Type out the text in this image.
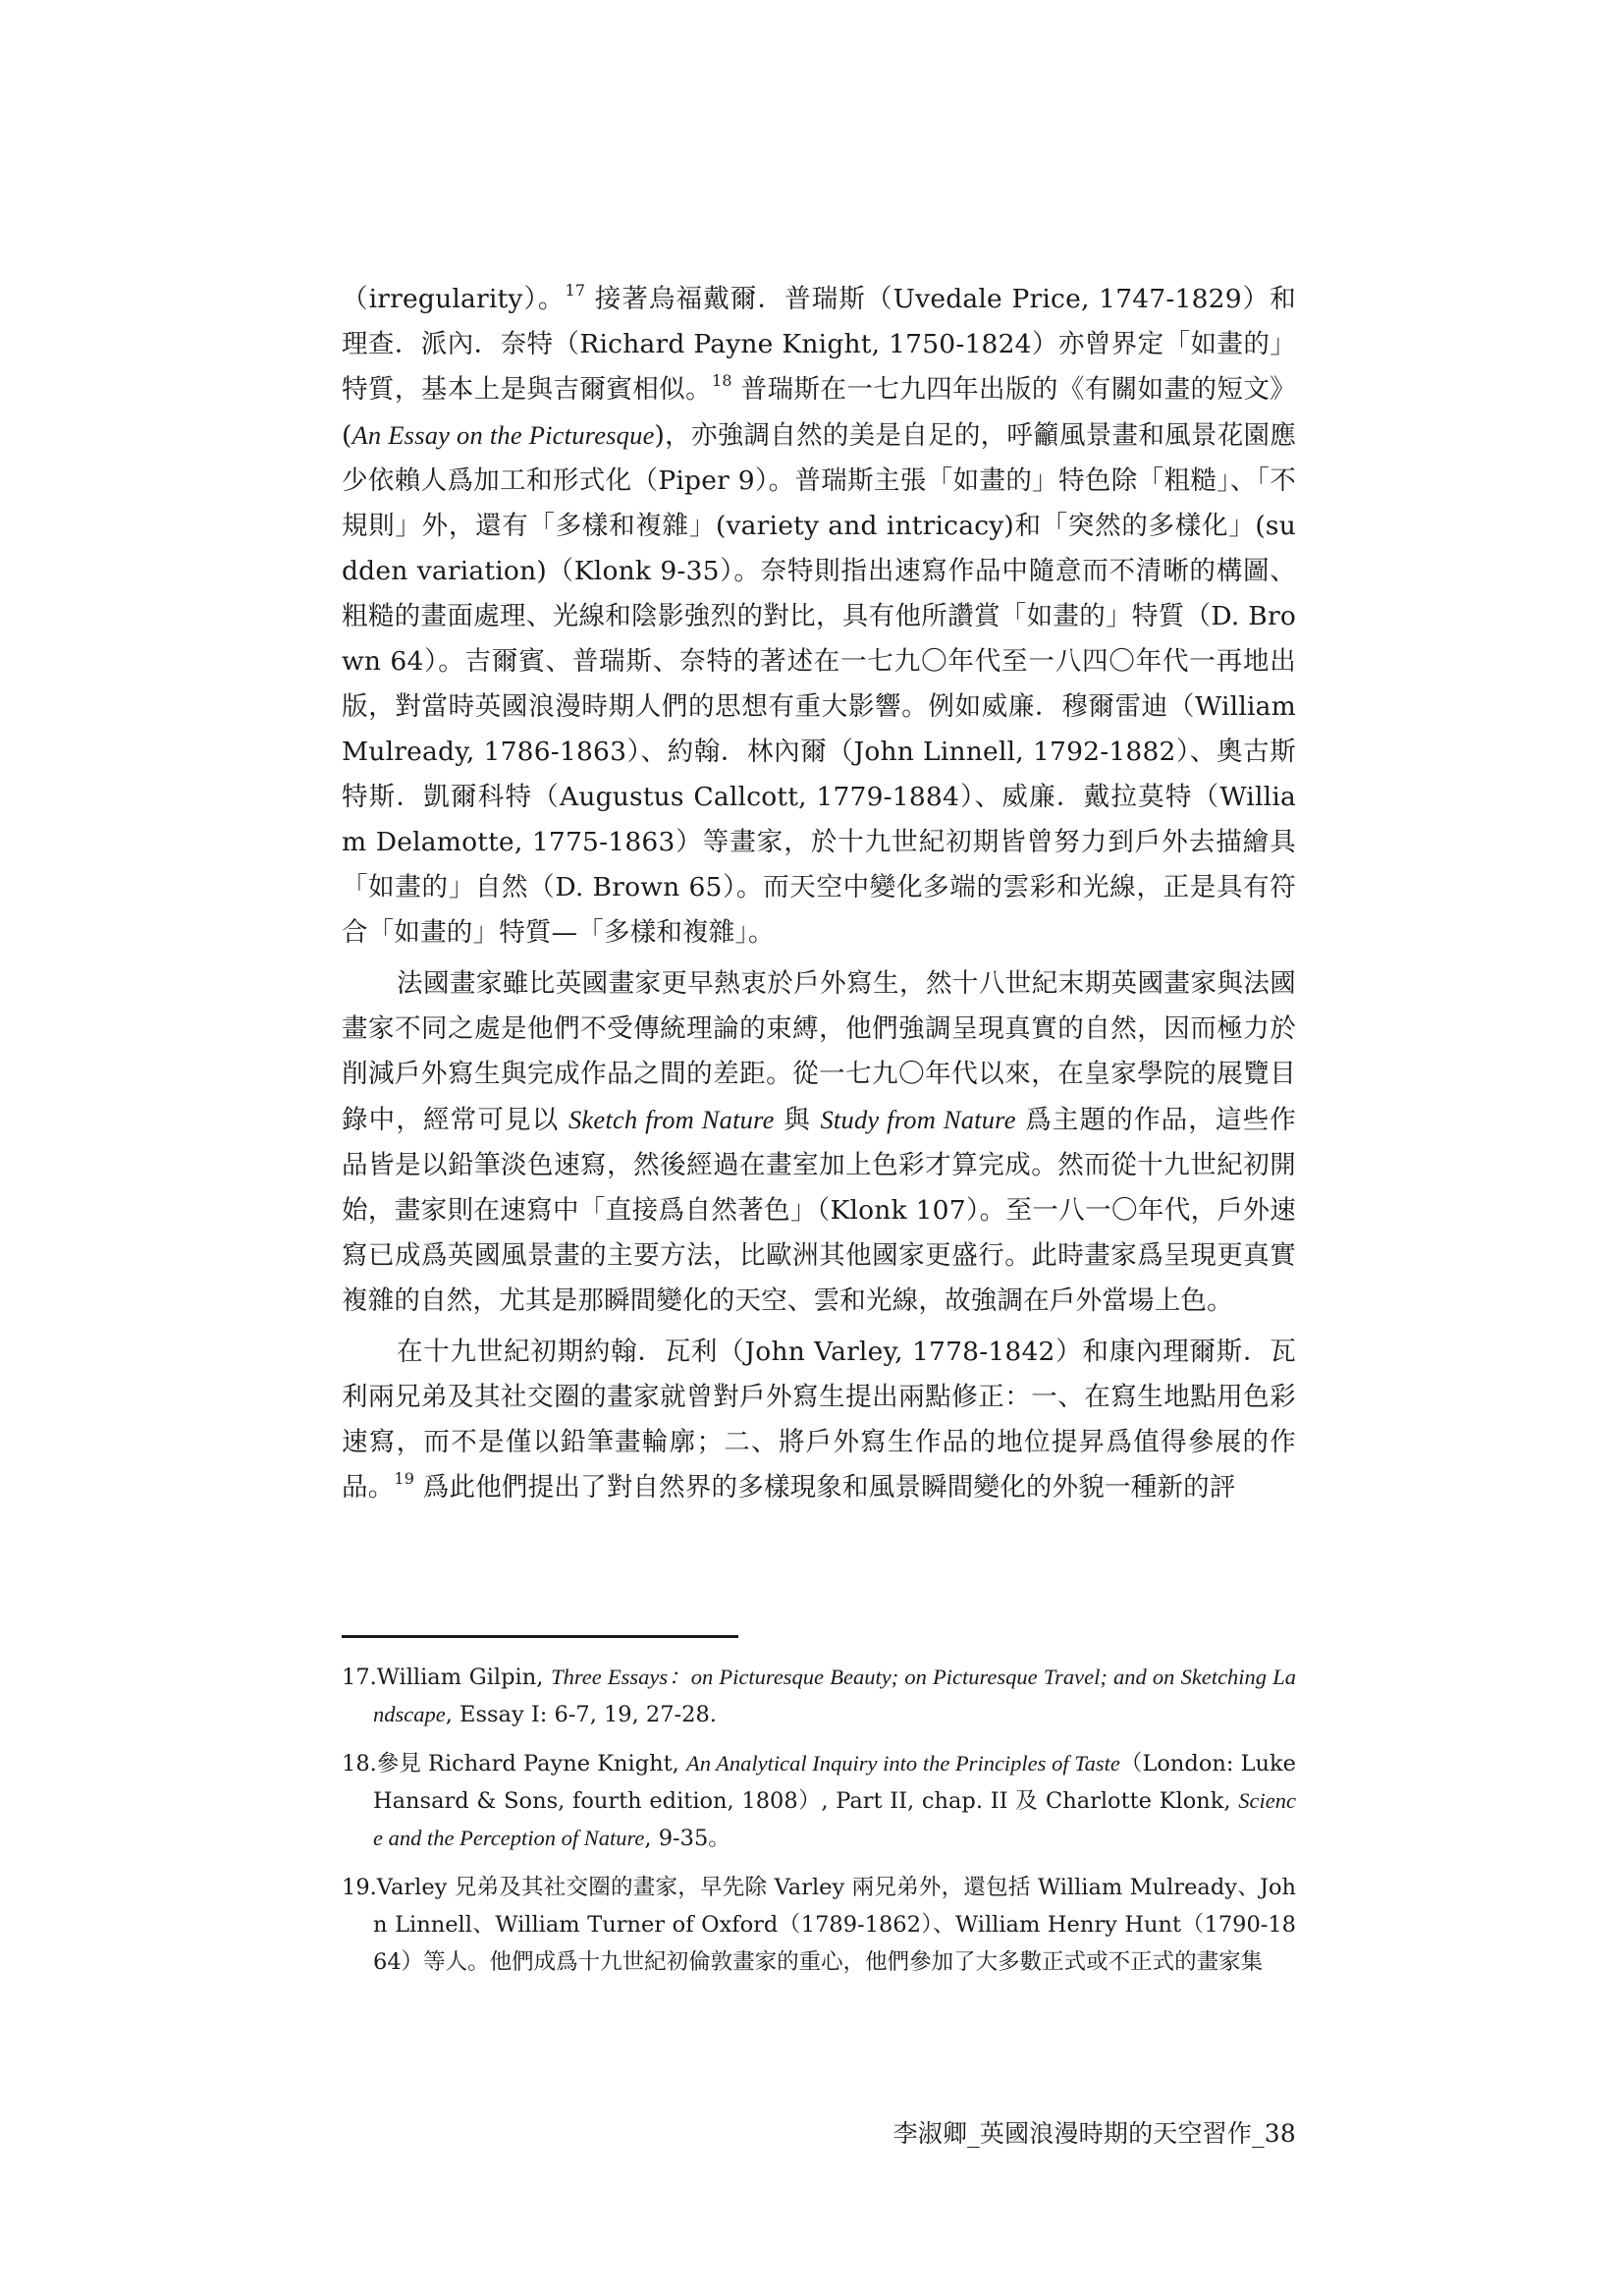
（irregularity）。$^{17}$ 接著烏福戴爾．普瑞斯（Uvedale Price, 1747-1829）和理查．派內．奈特（Richard Payne Knight, 1750-1824）亦曾界定「如畫的」特質，基本上是與吉爾賓相似。$^{18}$ 普瑞斯在一七九四年出版的《有關如畫的短文》(An Essay on the Picturesque)，亦強調自然的美是自足的，呼籲風景畫和風景花園應少依賴人爲加工和形式化（Piper 9）。普瑞斯主張「如畫的」特色除「粗糙」、「不規則」外，還有「多樣和複雜」(variety and intricacy)和「突然的多樣化」(sudden variation)（Klonk 9-35）。奈特則指出速寫作品中隨意而不清晰的構圖、粗糙的畫面處理、光線和陰影強烈的對比，具有他所讚賞「如畫的」特質（D. Brown 64）。吉爾賓、普瑞斯、奈特的著述在一七九〇年代至一八四〇年代一再地出版，對當時英國浪漫時期人們的思想有重大影響。例如威廉．穆爾雷迪（William Mulready, 1786-1863）、約翰．林內爾（John Linnell, 1792-1882）、奧古斯特斯．凱爾科特（Augustus Callcott, 1779-1884）、威廉．戴拉莫特（William Delamotte, 1775-1863）等畫家，於十九世紀初期皆曾努力到戶外去描繪具「如畫的」自然（D. Brown 65）。而天空中變化多端的雲彩和光線，正是具有符合「如畫的」特質—「多樣和複雜」。

法國畫家雖比英國畫家更早熱衷於戶外寫生，然十八世紀末期英國畫家與法國畫家不同之處是他們不受傳統理論的束縛，他們強調呈現真實的自然，因而極力於削減戶外寫生與完成作品之間的差距。從一七九〇年代以來，在皇家學院的展覽目錄中，經常可見以 Sketch from Nature 與 Study from Nature 爲主題的作品，這些作品皆是以鉛筆淡色速寫，然後經過在畫室加上色彩才算完成。然而從十九世紀初開始，畫家則在速寫中「直接爲自然著色」（Klonk 107）。至一八一〇年代，戶外速寫已成爲英國風景畫的主要方法，比歐洲其他國家更盛行。此時畫家爲呈現更真實複雜的自然，尤其是那瞬間變化的天空、雲和光線，故強調在戶外當場上色。

在十九世紀初期約翰．瓦利（John Varley, 1778-1842）和康內理爾斯．瓦利兩兄弟及其社交圈的畫家就曾對戶外寫生提出兩點修正：一、在寫生地點用色彩速寫，而不是僅以鉛筆畫輪廓；二、將戶外寫生作品的地位提昇爲值得參展的作品。$^{19}$ 爲此他們提出了對自然界的多樣現象和風景瞬間變化的外貌一種新的評

17.William Gilpin, Three Essays：on Picturesque Beauty; on Picturesque Travel; and on Sketching Landscape, Essay I: 6-7, 19, 27-28.

18.參見 Richard Payne Knight, An Analytical Inquiry into the Principles of Taste（London: Luke Hansard & Sons, fourth edition, 1808）, Part II, chap. II 及 Charlotte Klonk, Science and the Perception of Nature, 9-35。

19.Varley 兄弟及其社交圈的畫家，早先除 Varley 兩兄弟外，還包括 William Mulready、John Linnell、William Turner of Oxford（1789-1862）、William Henry Hunt（1790-1864）等人。他們成爲十九世紀初倫敦畫家的重心，他們參加了大多數正式或不正式的畫家集

李淑卿_英國浪漫時期的天空習作_38
